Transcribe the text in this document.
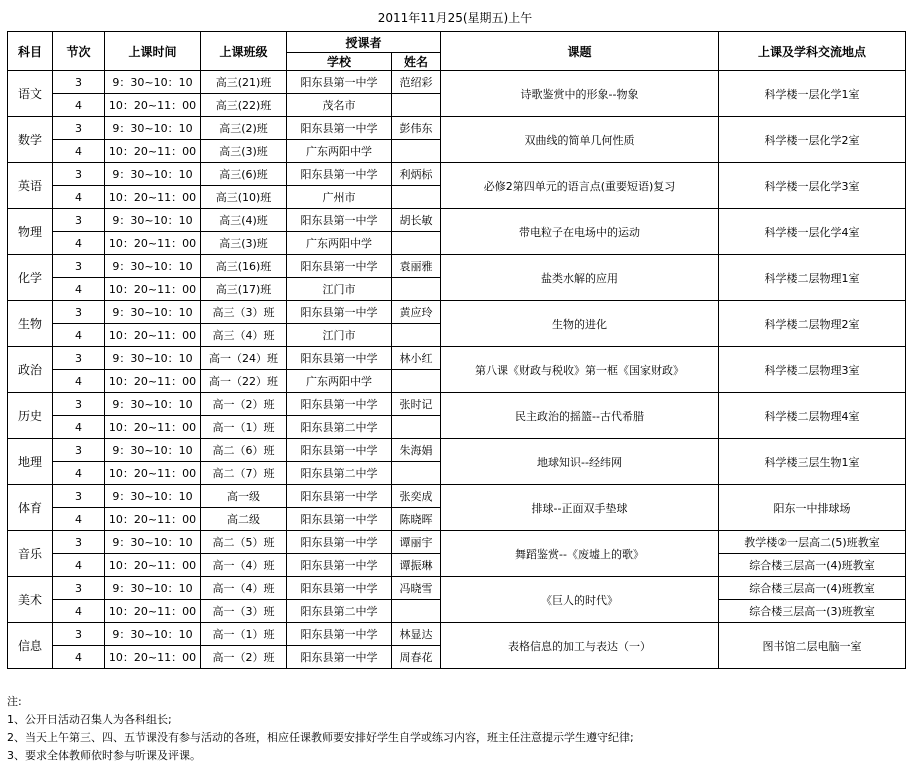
2011年11月25(星期五)上午
科目	节次	上课时间	上课班级	授课者		课题	上课及学科交流地点
				学校	姓名		
语文	3	9：30~10：10	高三(21)班	阳东县第一中学	范绍彩	诗歌鉴赏中的形象--物象	科学楼一层化学1室
	4	10：20~11：00	高三(22)班	茂名市			
数学	3	9：30~10：10	高三(2)班	阳东县第一中学	彭伟东	双曲线的简单几何性质	科学楼一层化学2室
	4	10：20~11：00	高三(3)班	广东两阳中学			
英语	3	9：30~10：10	高三(6)班	阳东县第一中学	利炳标	必修2第四单元的语言点(重要短语)复习	科学楼一层化学3室
	4	10：20~11：00	高三(10)班	广州市			
物理	3	9：30~10：10	高三(4)班	阳东县第一中学	胡长敏	带电粒子在电场中的运动	科学楼一层化学4室
	4	10：20~11：00	高三(3)班	广东两阳中学			
化学	3	9：30~10：10	高三(16)班	阳东县第一中学	袁丽雅	盐类水解的应用	科学楼二层物理1室
	4	10：20~11：00	高三(17)班	江门市			
生物	3	9：30~10：10	高三（3）班	阳东县第一中学	黄应玲	生物的进化	科学楼二层物理2室
	4	10：20~11：00	高三（4）班	江门市			
政治	3	9：30~10：10	高一（24）班	阳东县第一中学	林小红	第八课《财政与税收》第一框《国家财政》	科学楼二层物理3室
	4	10：20~11：00	高一（22）班	广东两阳中学			
历史	3	9：30~10：10	高一（2）班	阳东县第一中学	张时记	民主政治的摇篮--古代希腊	科学楼二层物理4室
	4	10：20~11：00	高一（1）班	阳东县第二中学			
地理	3	9：30~10：10	高二（6）班	阳东县第一中学	朱海娟	地球知识--经纬网	科学楼三层生物1室
	4	10：20~11：00	高二（7）班	阳东县第二中学			
体育	3	9：30~10：10	高一级	阳东县第一中学	张奕成	排球--正面双手垫球	阳东一中排球场
	4	10：20~11：00	高二级	阳东县第一中学	陈晓晖		
音乐	3	9：30~10：10	高二（5）班	阳东县第一中学	谭丽宇	舞蹈鉴赏--《废墟上的歌》	教学楼②一层高二(5)班教室
	4	10：20~11：00	高一（4）班	阳东县第一中学	谭振琳		综合楼三层高一(4)班教室
美术	3	9：30~10：10	高一（4）班	阳东县第一中学	冯晓雪	《巨人的时代》	综合楼三层高一(4)班教室
	4	10：20~11：00	高一（3）班	阳东县第二中学			综合楼三层高一(3)班教室
信息	3	9：30~10：10	高一（1）班	阳东县第一中学	林显达	表格信息的加工与表达（一）	图书馆二层电脑一室
	4	10：20~11：00	高一（2）班	阳东县第一中学	周春花		
注:
1、公开日活动召集人为各科组长;
2、当天上午第三、四、五节课没有参与活动的各班，相应任课教师要安排好学生自学或练习内容，班主任注意提示学生遵守纪律;
3、要求全体教师依时参与听课及评课。
